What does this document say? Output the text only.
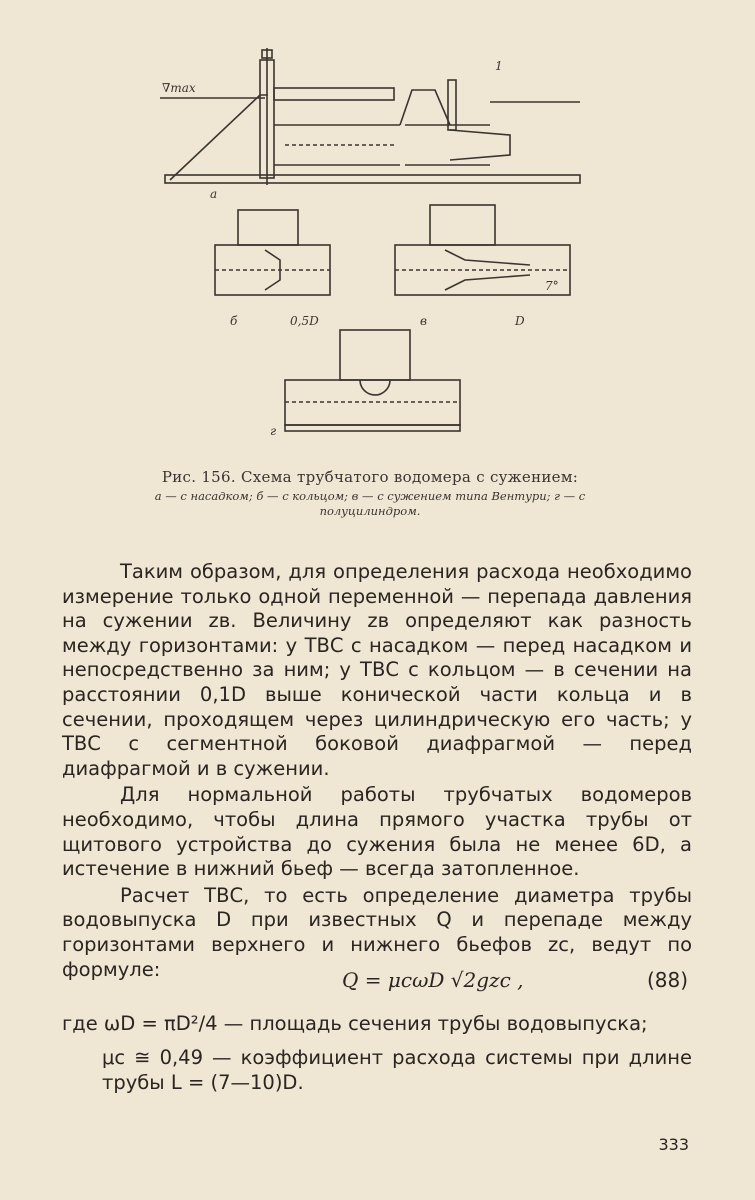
∇max
1
а
б	0,5D	в
7°
D
г
Рис. 156. Схема трубчатого водомера с сужением:
а — с насадком; б — с кольцом; в — с сужением типа Вентури; г — с полуцилиндром.

Таким образом, для определения расхода необходимо измерение только одной переменной — перепада давления на сужении zв. Величину zв определяют как разность между горизонтами: у ТВС с насадком — перед насадком и непосредственно за ним; у ТВС с кольцом — в сечении на расстоянии 0,1D выше конической части кольца и в сечении, проходящем через цилиндрическую его часть; у ТВС с сегментной боковой диафрагмой — перед диафрагмой и в сужении.

Для нормальной работы трубчатых водомеров необходимо, чтобы длина прямого участка трубы от щитового устройства до сужения была не менее 6D, а истечение в нижний бьеф — всегда затопленное.

Расчет ТВС, то есть определение диаметра трубы водовыпуска D при известных Q и перепаде между горизонтами верхнего и нижнего бьефов zс, ведут по формуле:	Q = μcωD √2gzc ,	(88)
где ωD = πD²/4 — площадь сечения трубы водовыпуска;
μc ≅ 0,49 — коэффициент расхода системы при длине трубы L = (7—10)D.
333
